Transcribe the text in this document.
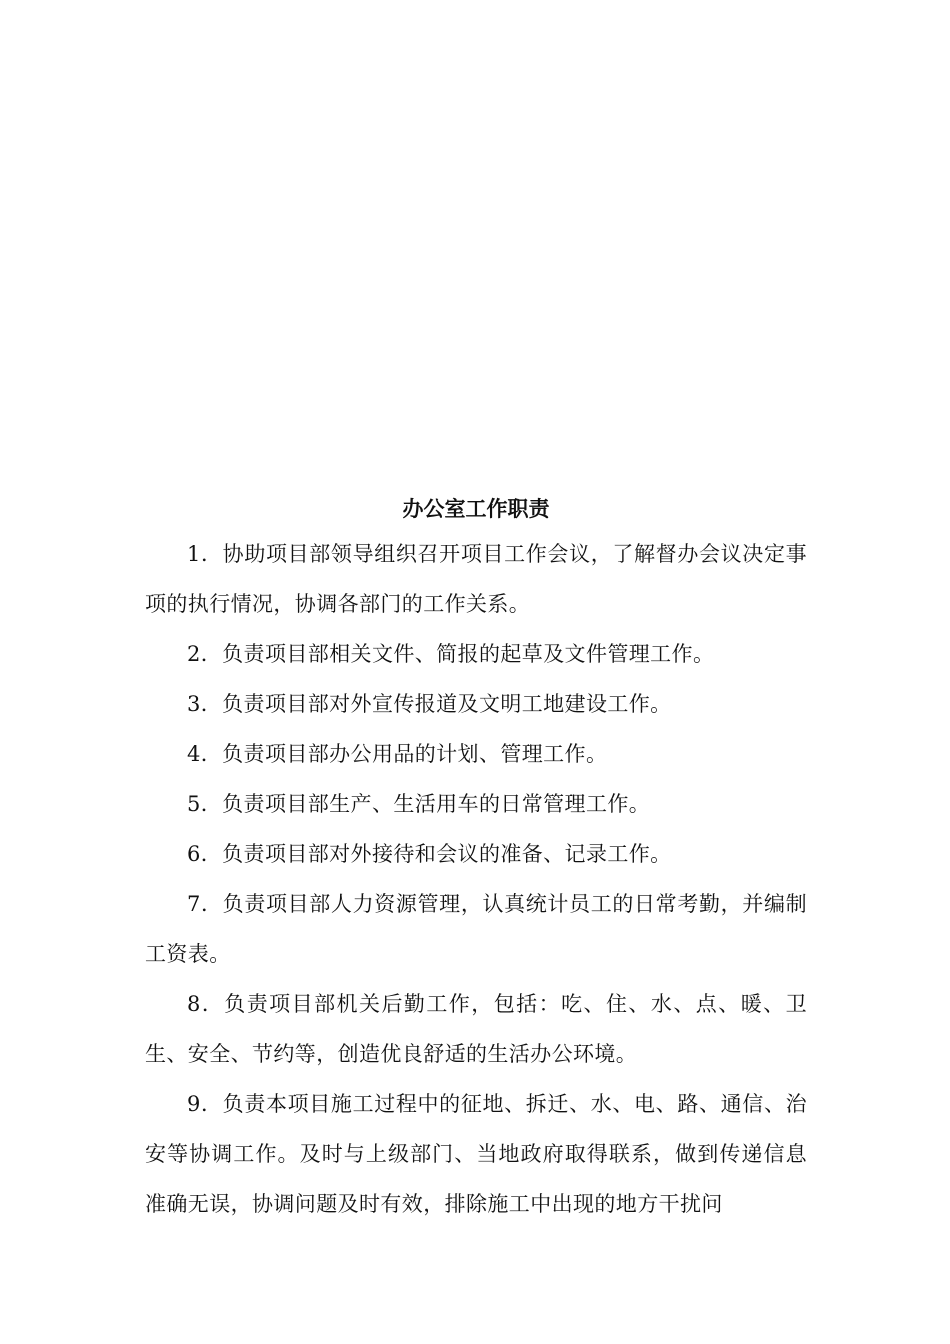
办公室工作职责

1．协助项目部领导组织召开项目工作会议，了解督办会议决定事项的执行情况，协调各部门的工作关系。

2．负责项目部相关文件、简报的起草及文件管理工作。

3．负责项目部对外宣传报道及文明工地建设工作。

4．负责项目部办公用品的计划、管理工作。

5．负责项目部生产、生活用车的日常管理工作。

6．负责项目部对外接待和会议的准备、记录工作。

7．负责项目部人力资源管理，认真统计员工的日常考勤，并编制工资表。

8．负责项目部机关后勤工作，包括：吃、住、水、点、暖、卫生、安全、节约等，创造优良舒适的生活办公环境。

9．负责本项目施工过程中的征地、拆迁、水、电、路、通信、治安等协调工作。及时与上级部门、当地政府取得联系，做到传递信息准确无误，协调问题及时有效，排除施工中出现的地方干扰问
